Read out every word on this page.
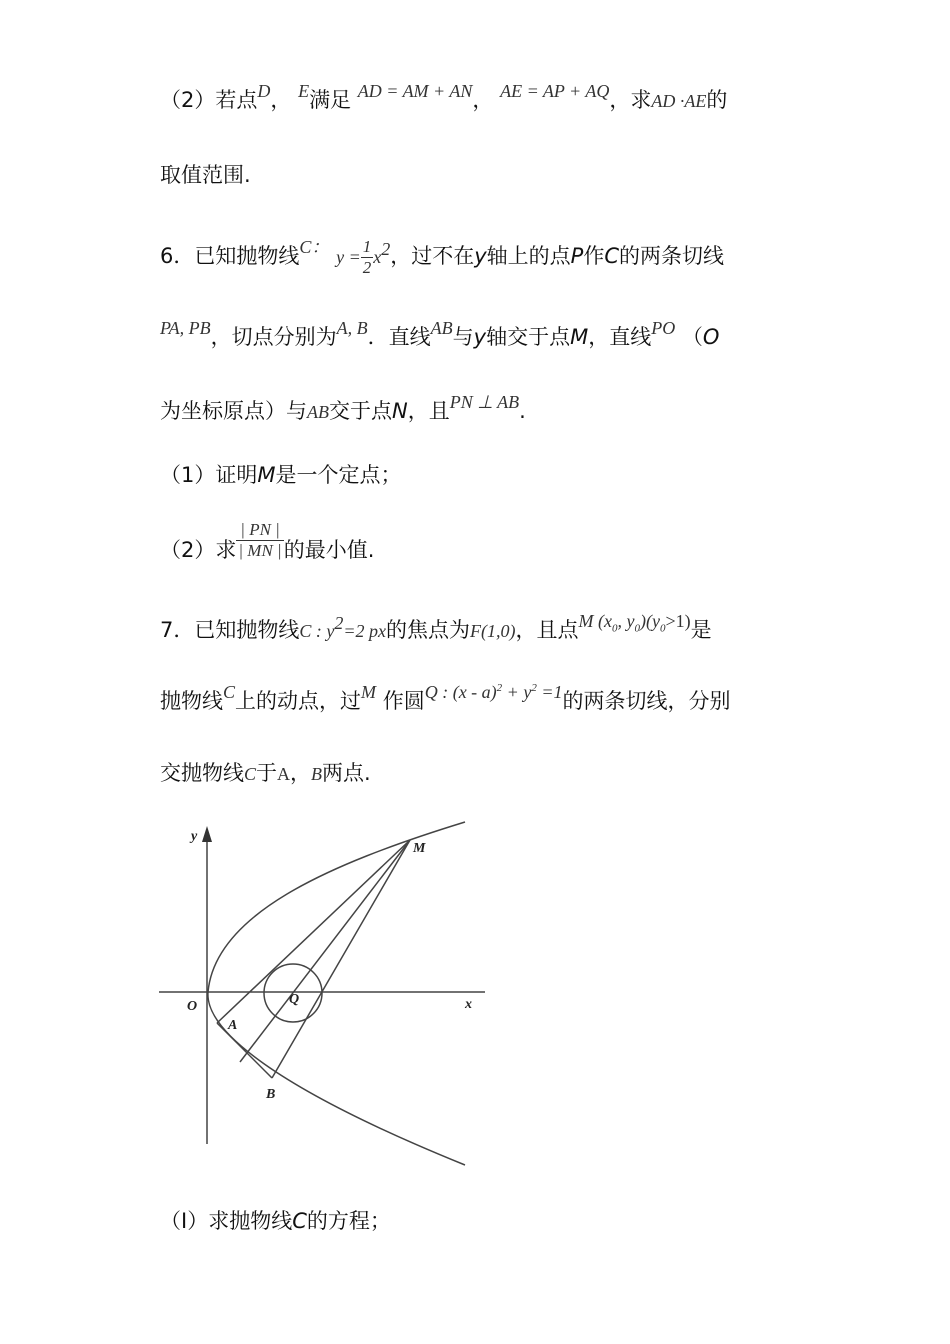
（2）若点D， E满足 AD = AM + AN， AE = AP + AQ，求AD ·AE的
取值范围.
6．已知抛物线C： $y = \frac{1}{2} x^2$，过不在y轴上的点P作C的两条切线
PA, PB，切点分别为A, B．直线AB与y轴交于点M，直线PO （O
为坐标原点）与AB交于点N，且PN ⊥ AB.
（1）证明M是一个定点；
（2）求 $\frac{| PN |}{| MN |}$ 的最小值.
7．已知抛物线C : $y^2=2$ px的焦点为F(1,0)，且点M ($x_0$, $y_0)(y_0>1)$是
抛物线C上的动点，过M 作圆Q : $(x - a)^2 + y^2 =1$的两条切线，分别
交抛物线C于A，B两点.
y
x
O	Q
M
A
B
（Ⅰ）求抛物线C的方程；
